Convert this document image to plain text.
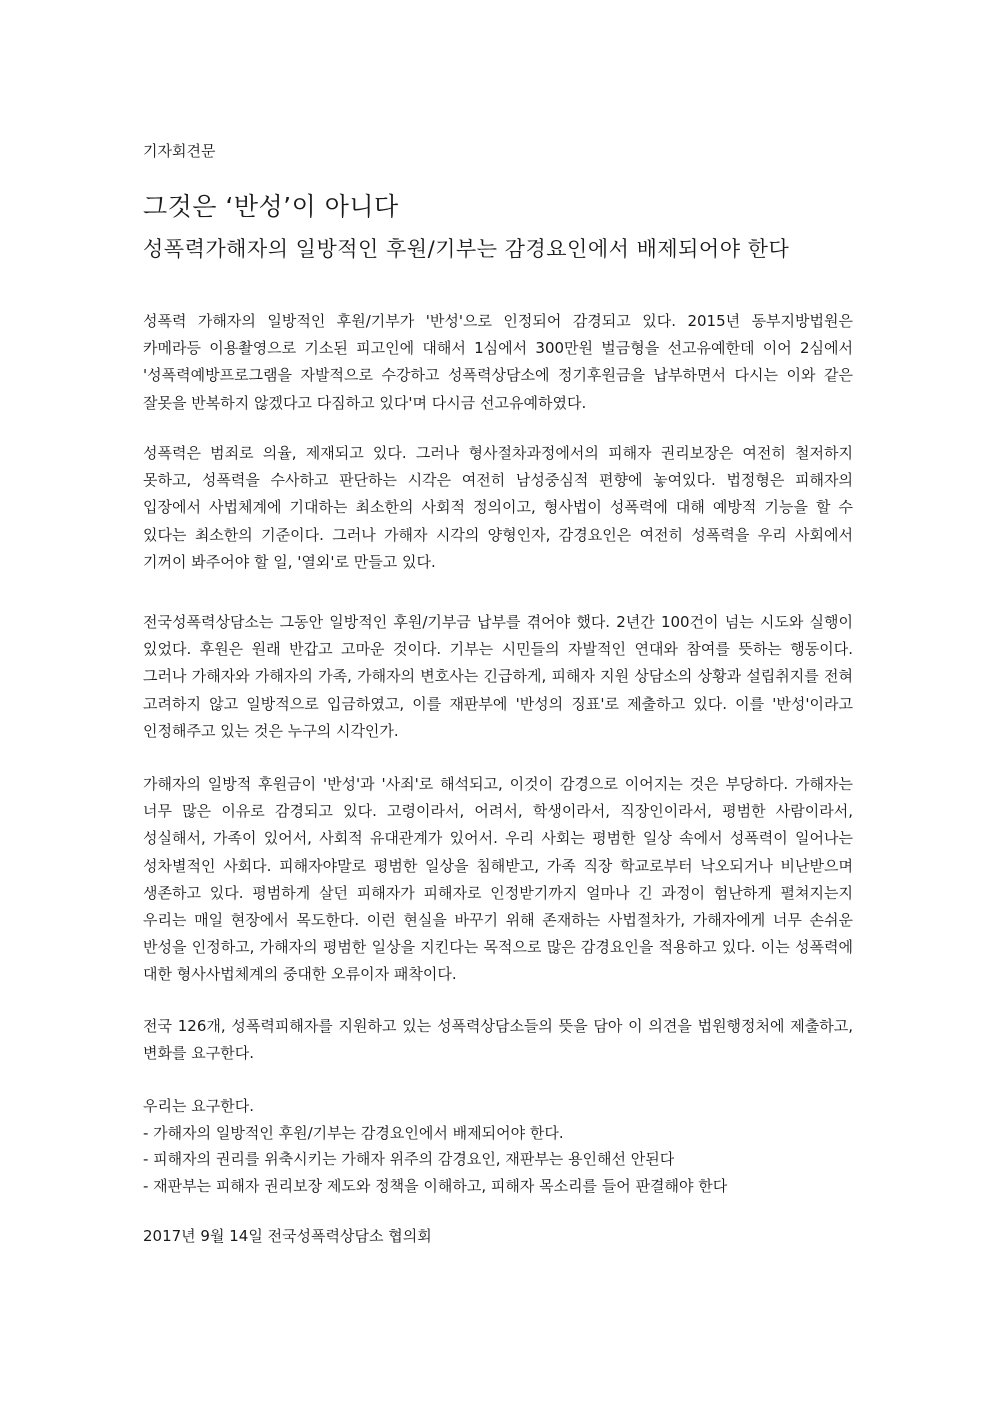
기자회견문
그것은 ‘반성’이 아니다
성폭력가해자의 일방적인 후원/기부는 감경요인에서 배제되어야 한다

성폭력 가해자의 일방적인 후원/기부가 '반성'으로 인정되어 감경되고 있다. 2015년 동부지방법원은 카메라등 이용촬영으로 기소된 피고인에 대해서 1심에서 300만원 벌금형을 선고유예한데 이어 2심에서 '성폭력예방프로그램을 자발적으로 수강하고 성폭력상담소에 정기후원금을 납부하면서 다시는 이와 같은 잘못을 반복하지 않겠다고 다짐하고 있다'며 다시금 선고유예하였다.

성폭력은 범죄로 의율, 제재되고 있다. 그러나 형사절차과정에서의 피해자 권리보장은 여전히 철저하지 못하고, 성폭력을 수사하고 판단하는 시각은 여전히 남성중심적 편향에 놓여있다. 법정형은 피해자의 입장에서 사법체계에 기대하는 최소한의 사회적 정의이고, 형사법이 성폭력에 대해 예방적 기능을 할 수 있다는 최소한의 기준이다. 그러나 가해자 시각의 양형인자, 감경요인은 여전히 성폭력을 우리 사회에서 기꺼이 봐주어야 할 일, '열외'로 만들고 있다.

전국성폭력상담소는 그동안 일방적인 후원/기부금 납부를 겪어야 했다. 2년간 100건이 넘는 시도와 실행이 있었다. 후원은 원래 반갑고 고마운 것이다. 기부는 시민들의 자발적인 연대와 참여를 뜻하는 행동이다. 그러나 가해자와 가해자의 가족, 가해자의 변호사는 긴급하게, 피해자 지원 상담소의 상황과 설립취지를 전혀 고려하지 않고 일방적으로 입금하였고, 이를 재판부에 '반성의 징표'로 제출하고 있다. 이를 '반성'이라고 인정해주고 있는 것은 누구의 시각인가.

가해자의 일방적 후원금이 '반성'과 '사죄'로 해석되고, 이것이 감경으로 이어지는 것은 부당하다. 가해자는 너무 많은 이유로 감경되고 있다. 고령이라서, 어려서, 학생이라서, 직장인이라서, 평범한 사람이라서, 성실해서, 가족이 있어서, 사회적 유대관계가 있어서. 우리 사회는 평범한 일상 속에서 성폭력이 일어나는 성차별적인 사회다. 피해자야말로 평범한 일상을 침해받고, 가족 직장 학교로부터 낙오되거나 비난받으며 생존하고 있다. 평범하게 살던 피해자가 피해자로 인정받기까지 얼마나 긴 과정이 험난하게 펼쳐지는지 우리는 매일 현장에서 목도한다. 이런 현실을 바꾸기 위해 존재하는 사법절차가, 가해자에게 너무 손쉬운 반성을 인정하고, 가해자의 평범한 일상을 지킨다는 목적으로 많은 감경요인을 적용하고 있다. 이는 성폭력에 대한 형사사법체계의 중대한 오류이자 패착이다.

전국 126개, 성폭력피해자를 지원하고 있는 성폭력상담소들의 뜻을 담아 이 의견을 법원행정처에 제출하고, 변화를 요구한다.

우리는 요구한다.
- 가해자의 일방적인 후원/기부는 감경요인에서 배제되어야 한다.
- 피해자의 권리를 위축시키는 가해자 위주의 감경요인, 재판부는 용인해선 안된다
- 재판부는 피해자 권리보장 제도와 정책을 이해하고, 피해자 목소리를 들어 판결해야 한다
2017년 9월 14일 전국성폭력상담소 협의회
